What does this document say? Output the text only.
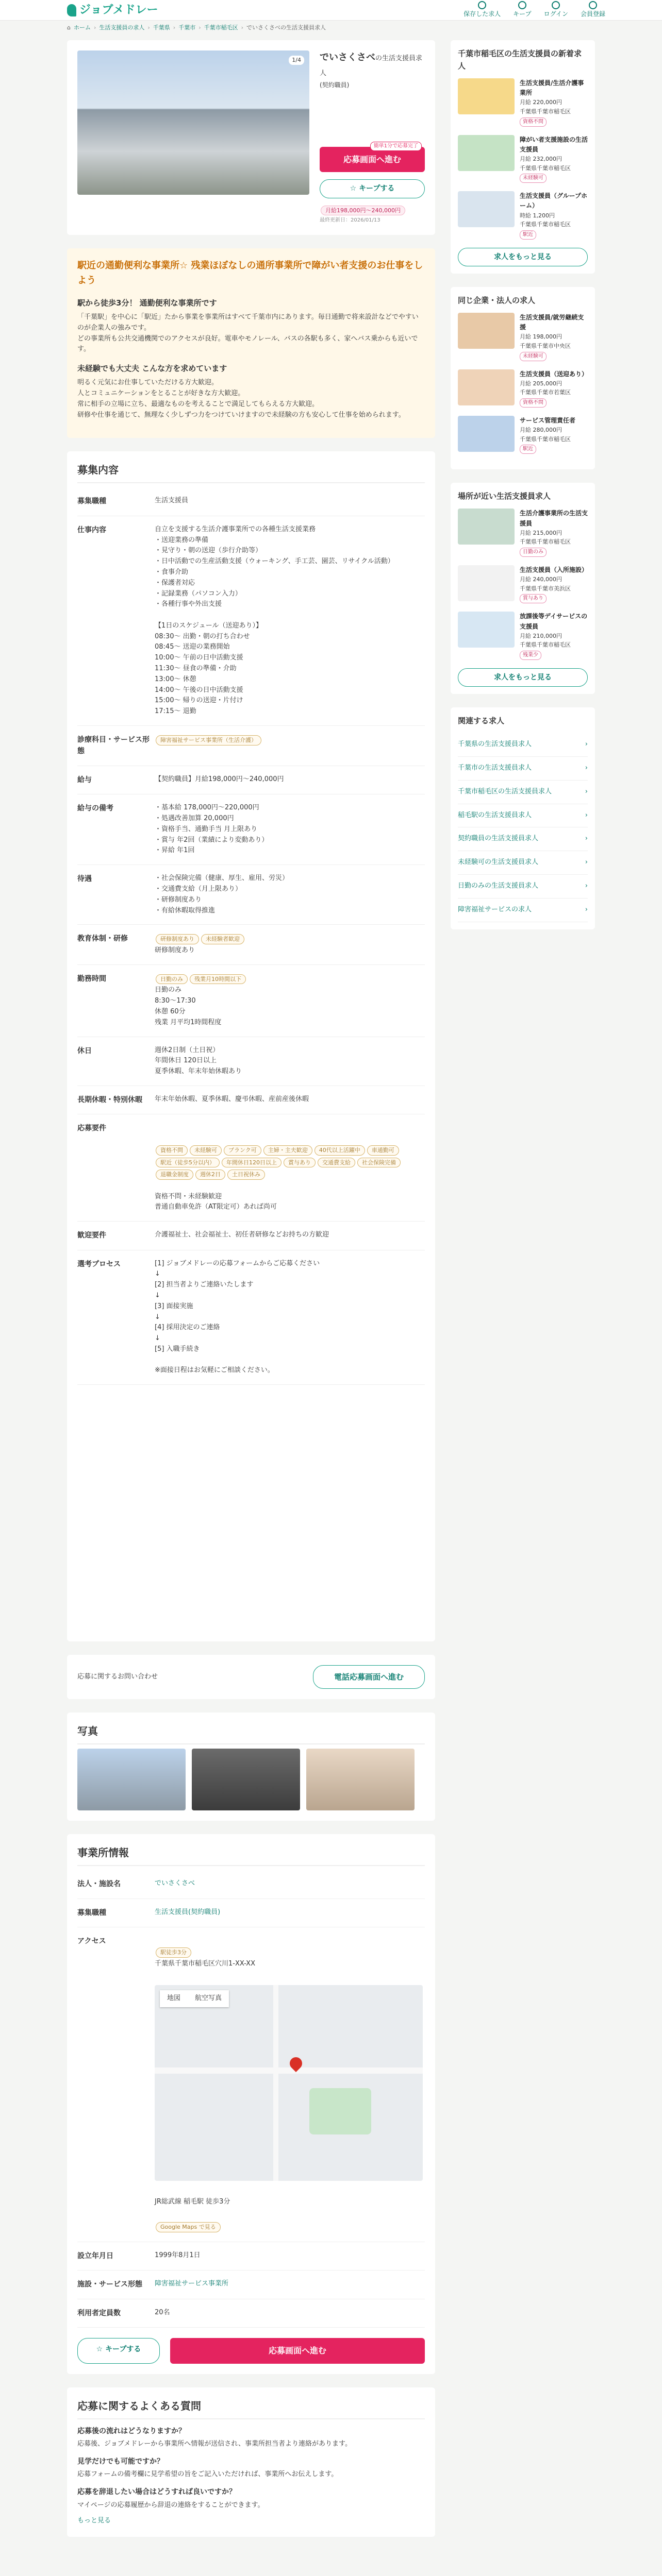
ジョブメドレー	保存した求人 キープ ログイン 会員登録
⌂ ホーム › 生活支援員の求人 › 千葉県 › 千葉市 › 千葉市稲毛区 › でいさくさべの生活支援員求人
1/4	でいさくさべの生活支援員求人
(契約職員)
応募画面へ進む
簡単1分で応募完了
☆ キープする
月給198,000円〜240,000円
最終更新日：2026/01/13
駅近の通勤便利な事業所☆ 残業ほぼなしの通所事業所で障がい者支援のお仕事をしよう
駅から徒歩3分！ 通勤便利な事業所です

「千葉駅」を中心に「駅近」たから事業を事業所はすべて千葉市内にあります。毎日通勤で将来設計などでやすいのが企業人の強みです。
どの事業所も公共交通機関でのアクセスが良好。電車やモノレール、バスの各駅も多く、家へバス乗からも近いです。

未経験でも大丈夫 こんな方を求めています

明るく元気にお仕事していただける方大歓迎。
人とコミュニケーションをとることが好きな方大歓迎。
常に相手の立場に立ち、最適なものを考えることで満足してもらえる方大歓迎。
研修や仕事を通じて、無理なく少しずつ力をつけていけますので未経験の方も安心して仕事を始められます。

募集内容
募集職種	生活支援員
仕事内容	自立を支援する生活介護事業所での各種生活支援業務
・送迎業務の準備
・見守り・朝の送迎（歩行介助等）
・日中活動での生産活動支援（ウォーキング、手工芸、園芸、リサイクル活動）
・食事介助
・保護者対応
・記録業務（パソコン入力）
・各種行事や外出支援

【1日のスケジュール（送迎あり）】
08:30〜 出勤・朝の打ち合わせ
08:45〜 送迎の業務開始
10:00〜 午前の日中活動支援
11:30〜 昼食の準備・介助
13:00〜 休憩
14:00〜 午後の日中活動支援
15:00〜 帰りの送迎・片付け
17:15〜 退勤
診療科目・サービス形態
障害福祉サービス事業所（生活介護）
給与	【契約職員】月給198,000円〜240,000円
給与の備考	・基本給 178,000円〜220,000円
・処遇改善加算 20,000円
・資格手当、通勤手当 月上限あり
・賞与 年2回（業績により変動あり）
・昇給 年1回
待遇	・社会保険完備（健康、厚生、雇用、労災）
・交通費支給（月上限あり）
・研修制度あり
・有給休暇取得推進
教育体制・研修	研修制度あり 未経験者歓迎
研修制度あり
勤務時間	日勤のみ 残業月10時間以下
日勤のみ
8:30〜17:30
休憩 60分
残業 月平均1時間程度
休日	週休2日制（土日祝）
年間休日 120日以上
夏季休暇、年末年始休暇あり
長期休暇・特別休暇	年末年始休暇、夏季休暇、慶弔休暇、産前産後休暇
応募要件

資格不問 未経験可 ブランク可 主婦・主夫歓迎 40代以上活躍中 車通勤可駅近（徒歩5分以内） 年間休日120日以上 賞与あり 交通費支給 社会保険完備退職金制度 週休2日 土日祝休み

資格不問・未経験歓迎
普通自動車免許（AT限定可）あれば尚可
歓迎要件	介護福祉士、社会福祉士、初任者研修などお持ちの方歓迎
選考プロセス	[1] ジョブメドレーの応募フォームからご応募ください
↓
[2] 担当者よりご連絡いたします
↓
[3] 面接実施
↓
[4] 採用決定のご連絡
↓
[5] 入職手続き

※面接日程はお気軽にご相談ください。
応募に関するお問い合わせ	電話応募画面へ進む
写真
事業所情報
法人・施設名	でいさくさべ
募集職種	生活支援員(契約職員)
アクセス

駅徒歩3分

千葉県千葉市稲毛区穴川1-XX-XX

地図	航空写真

JR総武線 稲毛駅 徒歩3分

Google Maps で見る

設立年月日	1999年8月1日
施設・サービス形態	障害福祉サービス事業所
利用者定員数	20名
☆ キープする	応募画面へ進む
応募に関するよくある質問
応募後の流れはどうなりますか？

応募後、ジョブメドレーから事業所へ情報が送信され、事業所担当者より連絡があります。

見学だけでも可能ですか？

応募フォームの備考欄に見学希望の旨をご記入いただければ、事業所へお伝えします。

応募を辞退したい場合はどうすれば良いですか？

マイページの応募履歴から辞退の連絡をすることができます。

もっと見る
千葉市稲毛区の生活支援員の新着求人
生活支援員/生活介護事業所
月給 220,000円
千葉県千葉市稲毛区
資格不問
障がい者支援施設の生活支援員
月給 232,000円
千葉県千葉市稲毛区
未経験可
生活支援員（グループホーム）
時給 1,200円
千葉県千葉市稲毛区
駅近
求人をもっと見る
同じ企業・法人の求人
生活支援員/就労継続支援
月給 198,000円
千葉県千葉市中央区
未経験可
生活支援員（送迎あり）
月給 205,000円
千葉県千葉市若葉区
資格不問
サービス管理責任者
月給 280,000円
千葉県千葉市稲毛区
駅近
場所が近い生活支援員求人
生活介護事業所の生活支援員
月給 215,000円
千葉県千葉市稲毛区
日勤のみ
生活支援員（入所施設）
月給 240,000円
千葉県千葉市美浜区
賞与あり
放課後等デイサービスの支援員
月給 210,000円
千葉県千葉市稲毛区
残業少
求人をもっと見る
関連する求人
千葉県の生活支援員求人	›
千葉市の生活支援員求人	›
千葉市稲毛区の生活支援員求人	›
稲毛駅の生活支援員求人	›
契約職員の生活支援員求人	›
未経験可の生活支援員求人	›
日勤のみの生活支援員求人	›
障害福祉サービスの求人	›
